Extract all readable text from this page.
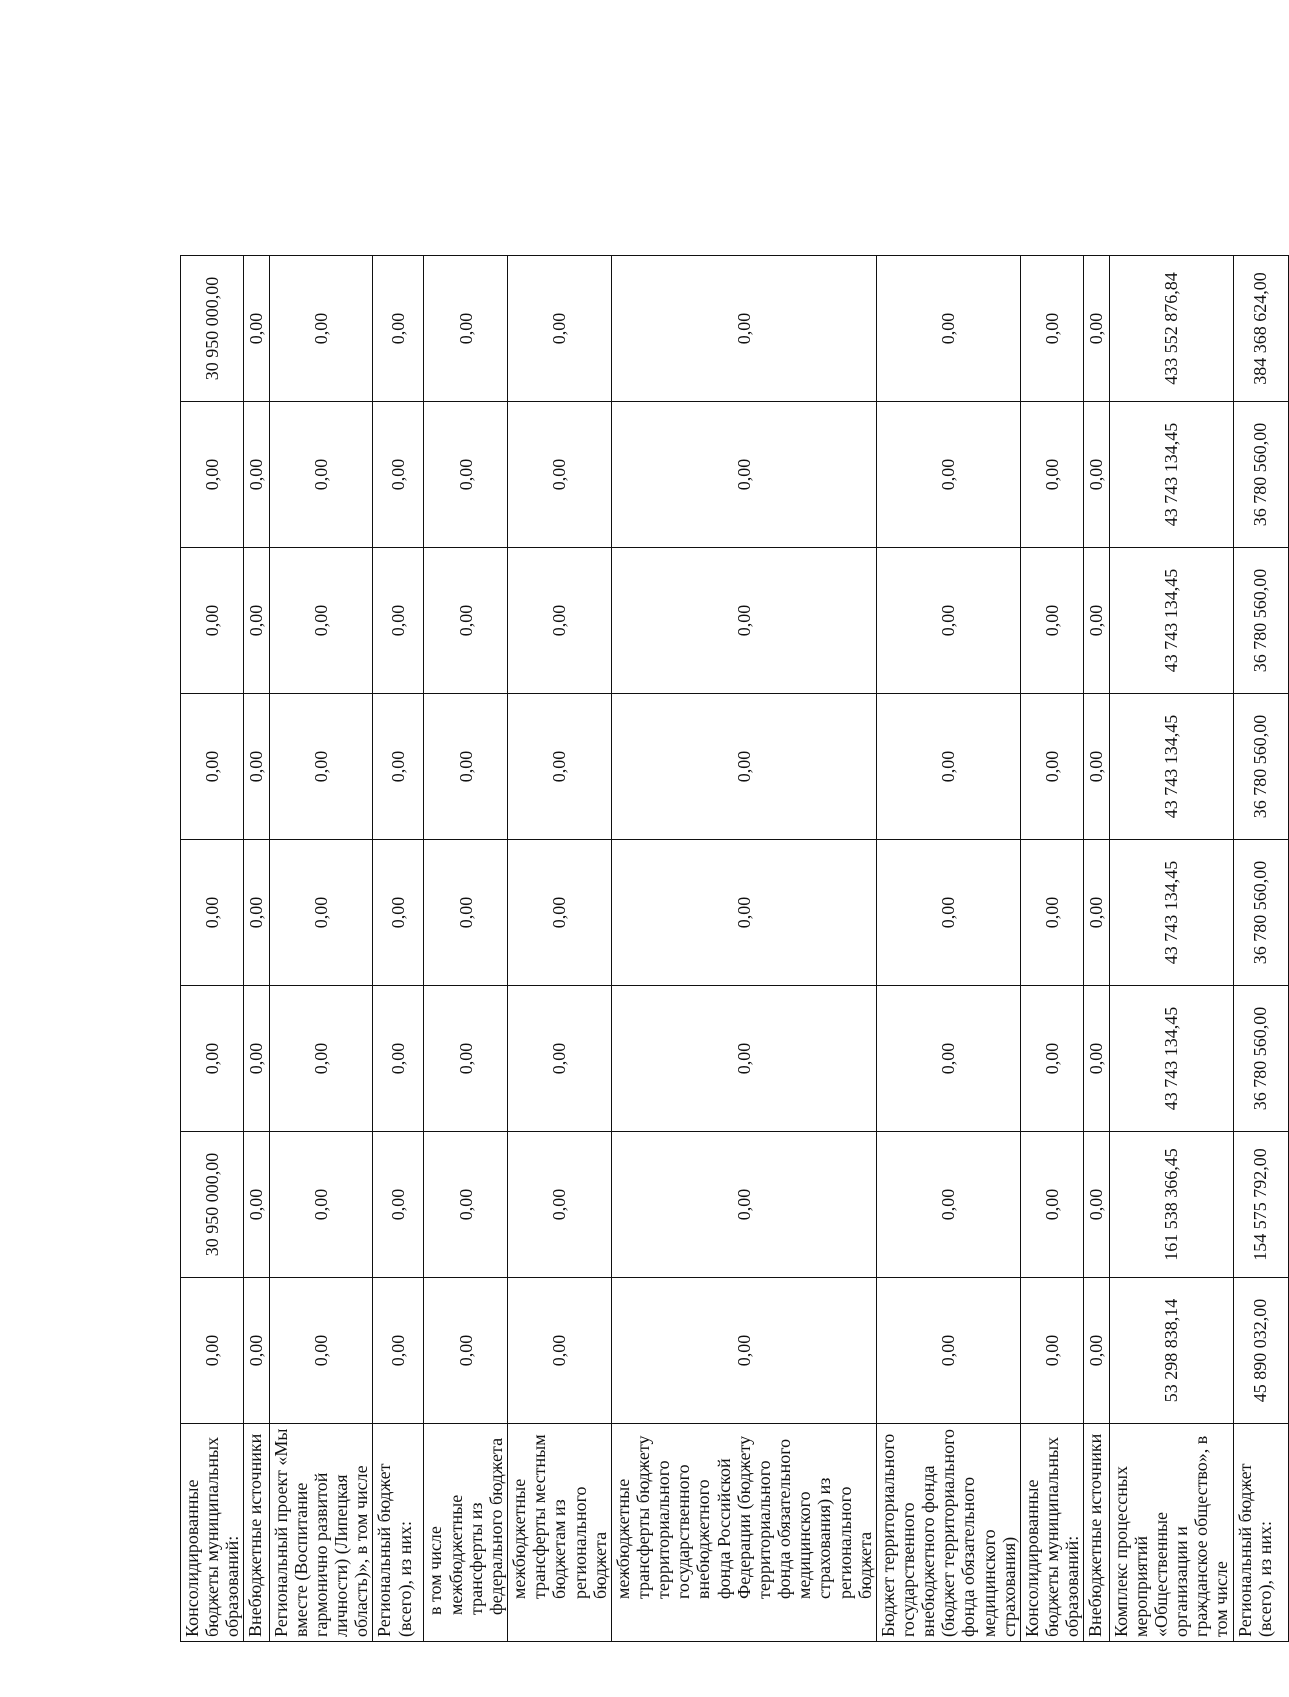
Консолидированные бюджеты муниципальных образований:	0,00	30 950 000,00	0,00	0,00	0,00	0,00	0,00	30 950 000,00
Внебюджетные источники	0,00	0,00	0,00	0,00	0,00	0,00	0,00	0,00
Региональный проект «Мы вместе (Воспитание гармонично развитой личности) (Липецкая область)», в том числе	0,00	0,00	0,00	0,00	0,00	0,00	0,00	0,00
Региональный бюджет (всего), из них:	0,00	0,00	0,00	0,00	0,00	0,00	0,00	0,00
в том числе межбюджетные трансферты из федерального бюджета	0,00	0,00	0,00	0,00	0,00	0,00	0,00	0,00
межбюджетные трансферты местным бюджетам из регионального бюджета	0,00	0,00	0,00	0,00	0,00	0,00	0,00	0,00
межбюджетные трансферты бюджету территориального государственного внебюджетного фонда Российской Федерации (бюджету территориального фонда обязательного медицинского страхования) из регионального бюджета	0,00	0,00	0,00	0,00	0,00	0,00	0,00	0,00
Бюджет территориального государственного внебюджетного фонда (бюджет территориального фонда обязательного медицинского страхования)	0,00	0,00	0,00	0,00	0,00	0,00	0,00	0,00
Консолидированные бюджеты муниципальных образований:	0,00	0,00	0,00	0,00	0,00	0,00	0,00	0,00
Внебюджетные источники	0,00	0,00	0,00	0,00	0,00	0,00	0,00	0,00
Комплекс процессных мероприятий «Общественные организации и гражданское общество», в том числе	53 298 838,14	161 538 366,45	43 743 134,45	43 743 134,45	43 743 134,45	43 743 134,45	43 743 134,45	433 552 876,84
Региональный бюджет (всего), из них:	45 890 032,00	154 575 792,00	36 780 560,00	36 780 560,00	36 780 560,00	36 780 560,00	36 780 560,00	384 368 624,00
